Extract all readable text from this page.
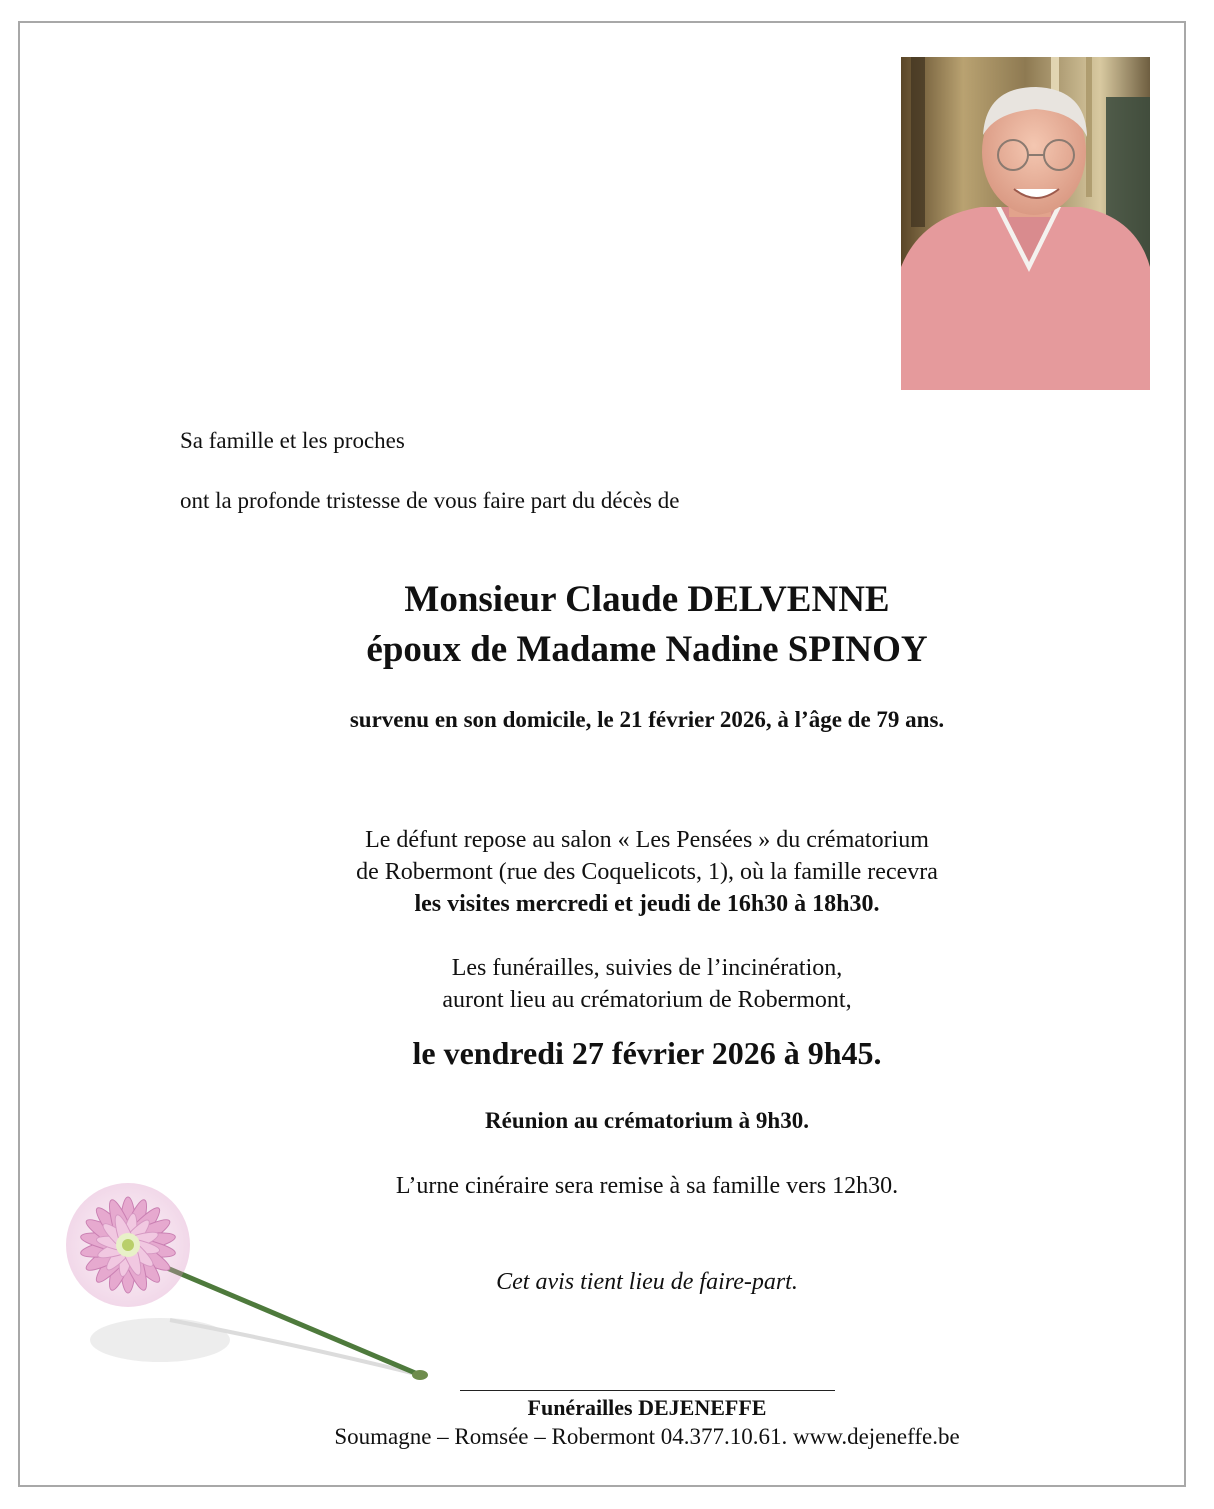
Sa famille et les proches
ont la profonde tristesse de vous faire part du décès de
Monsieur Claude DELVENNE
époux de Madame Nadine SPINOY
survenu en son domicile, le 21 février 2026, à l’âge de 79 ans.
Le défunt repose au salon « Les Pensées » du crématorium
de Robermont (rue des Coquelicots, 1), où la famille recevra
les visites mercredi et jeudi de 16h30 à 18h30.
Les funérailles, suivies de l’incinération,
auront lieu au crématorium de Robermont,
le vendredi 27 février 2026 à 9h45.
Réunion au crématorium à 9h30.
L’urne cinéraire sera remise à sa famille vers 12h30.
Cet avis tient lieu de faire-part.
Funérailles DEJENEFFE
Soumagne – Romsée – Robermont 04.377.10.61. www.dejeneffe.be
